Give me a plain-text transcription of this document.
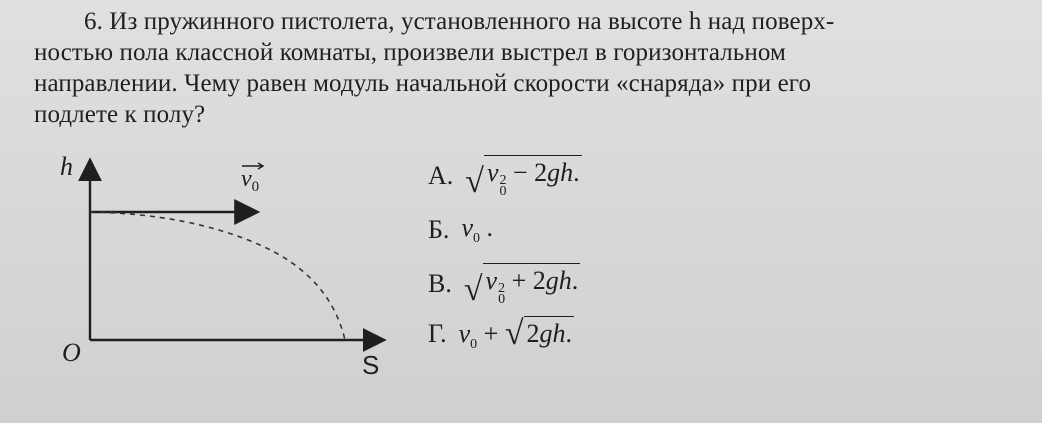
6. Из пружинного пистолета, установленного на высоте h над поверх-
ностью пола классной комнаты, произвели выстрел в горизонтальном
направлении. Чему равен модуль начальной скорости «снаряда» при его
подлете к полу?
h
O	S
$v_0$	А. √ v 2
0
− 2gh.
Б. $v_0$ .
В. √ v 2
0
+ 2gh.
Г. $v_0$ + √ 2gh.
